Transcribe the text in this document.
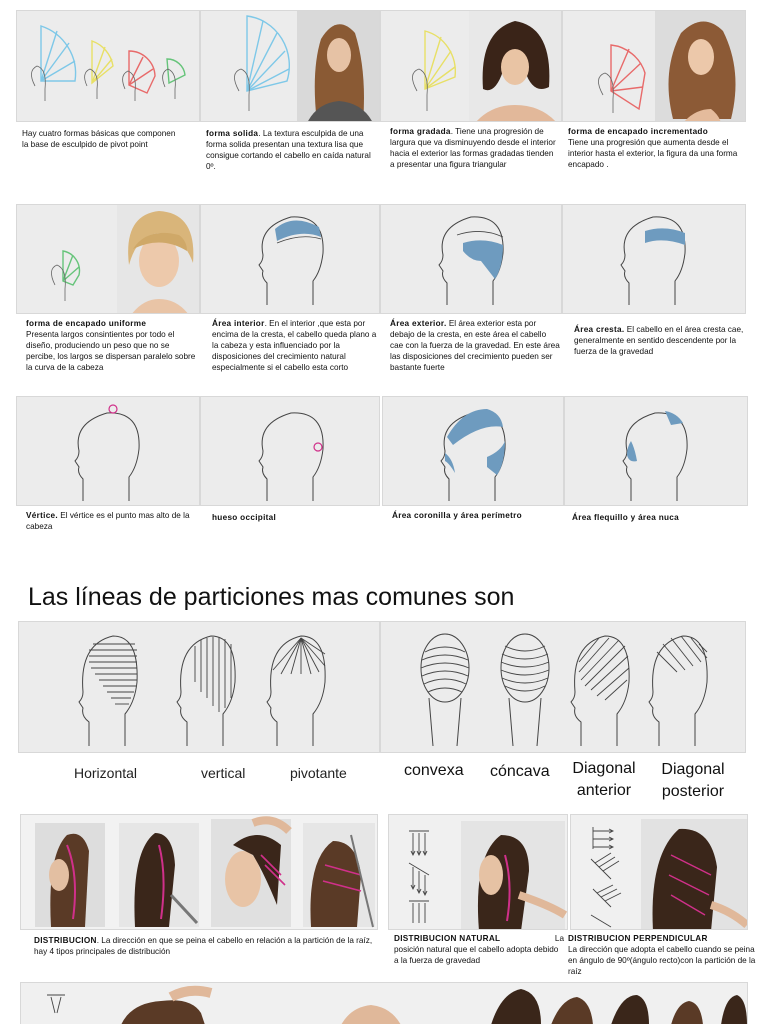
Hay cuatro formas básicas que componen la base de esculpido de pivot point
forma solida. La textura esculpida de una forma solida presentan una textura lisa que consigue cortando el cabello en caída natural 0º.
forma gradada. Tiene una progresión de largura que va disminuyendo desde el interior hacia el exterior las formas gradadas tienden a presentar una figura triangular
forma de encapado incrementado
Tiene una progresión que aumenta desde el interior hasta el exterior, la figura da una forma encapado .
forma de encapado uniforme
Presenta largos consintientes por todo el diseño, produciendo un peso que no se percibe, los largos se dispersan paralelo sobre la curva de la cabeza
Área interior. En el interior ,que esta por encima de la cresta, el cabello queda plano a la cabeza y esta influenciado por la disposiciones del crecimiento natural especialmente si el cabello esta corto
Área exterior. El área exterior esta por debajo de la cresta, en este área el cabello cae con la fuerza de la gravedad. En este área las disposiciones del crecimiento pueden ser bastante fuerte
Área cresta. El cabello en el área cresta cae, generalmente en sentido descendente por la fuerza de la gravedad
Vértice. El vértice es el punto mas alto de la cabeza
hueso occipital	Área coronilla y área perímetro	Área flequillo y área nuca
Las líneas de particiones mas comunes son
Horizontal	vertical	pivotante	convexa cóncava Diagonal anterior
Diagonal posterior
DISTRIBUCION. La dirección en que se peina el cabello en relación a la partición de la raíz, hay 4 tipos principales de distribución
DISTRIBUCION NATURAL	La

posición natural que el cabello adopta debido a la fuerza de gravedad
DISTRIBUCION PERPENDICULAR
La dirección que adopta el cabello cuando se peina en ángulo de 90º(ángulo recto)con la partición de la raíz
